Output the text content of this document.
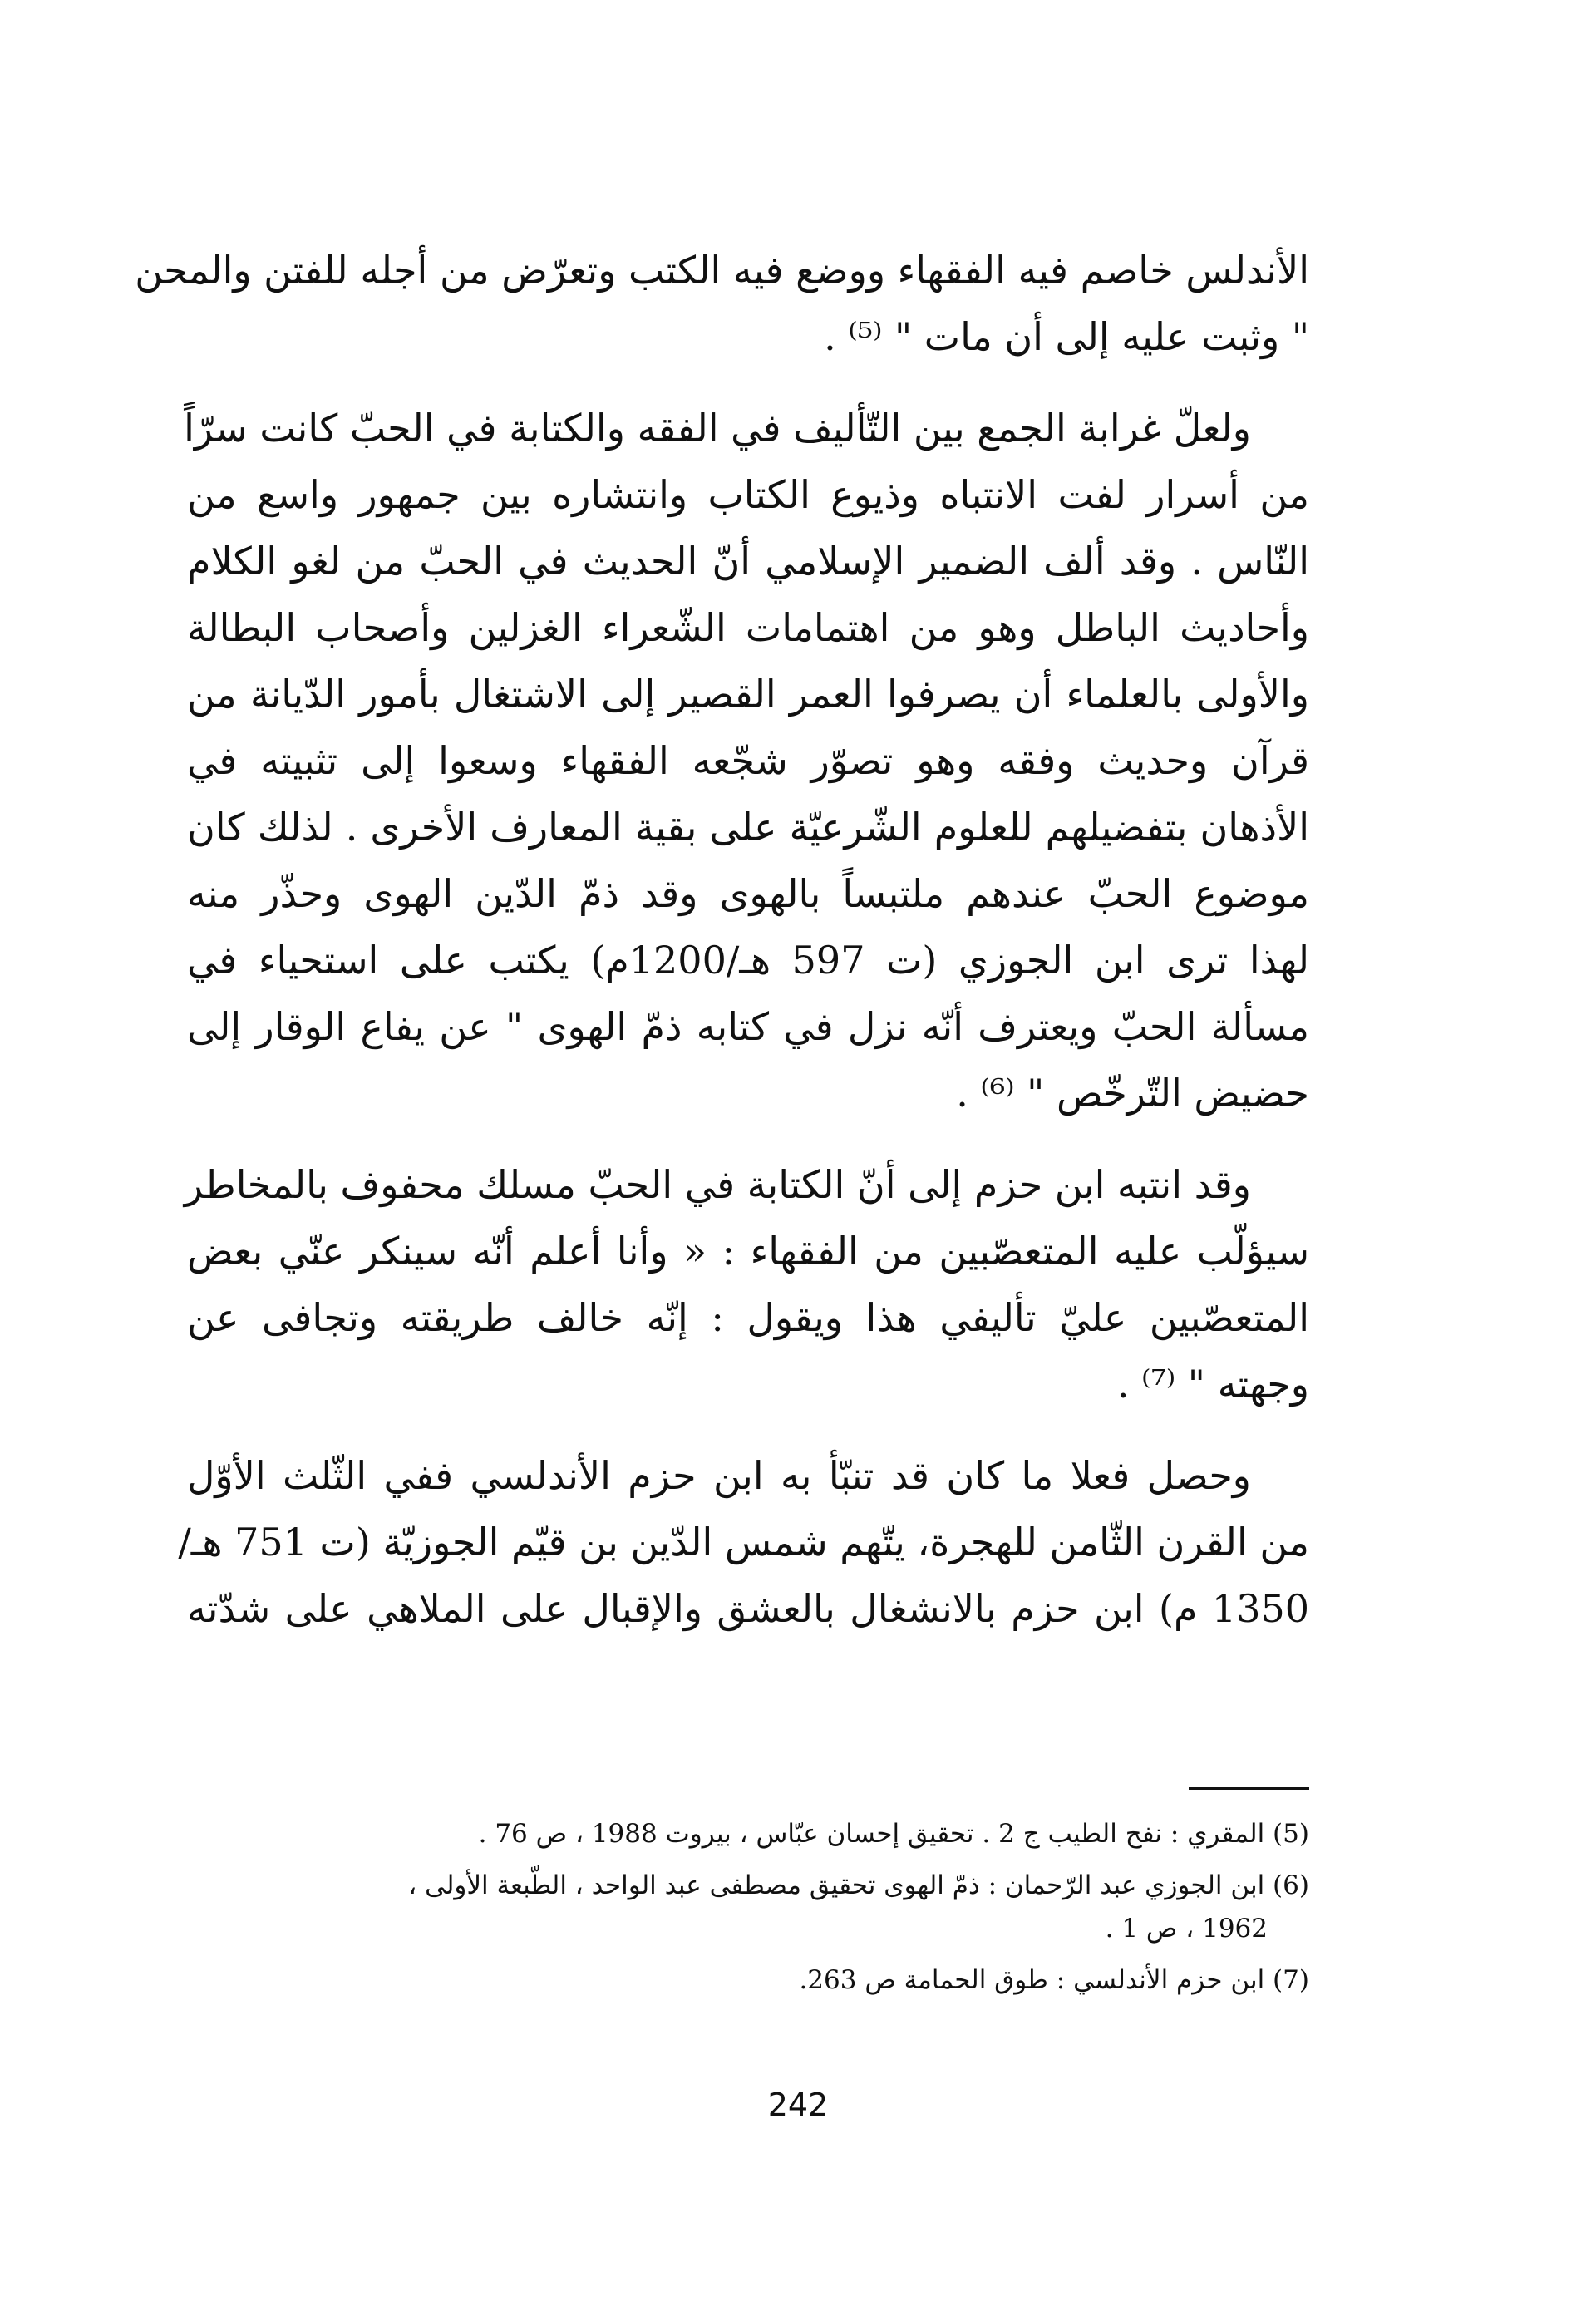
الأندلس خاصم فيه الفقهاء ووضع فيه الكتب وتعرّض من أجله للفتن والمحن
" وثبت عليه إلى أن مات " ⁽⁵⁾ .
ولعلّ غرابة الجمع بين التّأليف في الفقه والكتابة في الحبّ كانت سرّاً
من أسرار لفت الانتباه وذيوع الكتاب وانتشاره بين جمهور واسع من
النّاس . وقد ألف الضمير الإسلامي أنّ الحديث في الحبّ من لغو الكلام
وأحاديث الباطل وهو من اهتمامات الشّعراء الغزلين وأصحاب البطالة
والأولى بالعلماء أن يصرفوا العمر القصير إلى الاشتغال بأمور الدّيانة من
قرآن وحديث وفقه وهو تصوّر شجّعه الفقهاء وسعوا إلى تثبيته في
الأذهان بتفضيلهم للعلوم الشّرعيّة على بقية المعارف الأخرى . لذلك كان
موضوع الحبّ عندهم ملتبساً بالهوى وقد ذمّ الدّين الهوى وحذّر منه
لهذا ترى ابن الجوزي (ت 597 هـ/1200م) يكتب على استحياء في
مسألة الحبّ ويعترف أنّه نزل في كتابه ذمّ الهوى " عن يفاع الوقار إلى
حضيض التّرخّص " ⁽⁶⁾ .
وقد انتبه ابن حزم إلى أنّ الكتابة في الحبّ مسلك محفوف بالمخاطر
سيؤلّب عليه المتعصّبين من الفقهاء : « وأنا أعلم أنّه سينكر عنّي بعض
المتعصّبين عليّ تأليفي هذا ويقول : إنّه خالف طريقته وتجافى عن
وجهته " ⁽⁷⁾ .
وحصل فعلا ما كان قد تنبّأ به ابن حزم الأندلسي ففي الثّلث الأوّل
من القرن الثّامن للهجرة، يتّهم شمس الدّين بن قيّم الجوزيّة (ت 751 هـ/
1350 م) ابن حزم بالانشغال بالعشق والإقبال على الملاهي على شدّته
(5) المقري : نفح الطيب ج 2 . تحقيق إحسان عبّاس ، بيروت 1988 ، ص 76 .
(6) ابن الجوزي عبد الرّحمان : ذمّ الهوى تحقيق مصطفى عبد الواحد ، الطّبعة الأولى ،
1962 ، ص 1 .
(7) ابن حزم الأندلسي : طوق الحمامة ص 263.
242
